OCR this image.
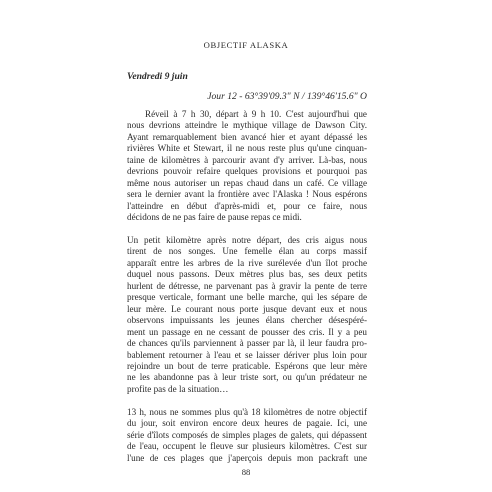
OBJECTIF ALASKA
Vendredi 9 juin
Jour 12 - 63°39'09.3" N / 139°46'15.6" O

Réveil à 7 h 30, départ à 9 h 10. C'est aujourd'hui que
nous devrions atteindre le mythique village de Dawson City.
Ayant remarquablement bien avancé hier et ayant dépassé les
rivières White et Stewart, il ne nous reste plus qu'une cinquan-
taine de kilomètres à parcourir avant d'y arriver. Là-bas, nous
devrions pouvoir refaire quelques provisions et pourquoi pas
même nous autoriser un repas chaud dans un café. Ce village
sera le dernier avant la frontière avec l'Alaska ! Nous espérons
l'atteindre en début d'après-midi et, pour ce faire, nous
décidons de ne pas faire de pause repas ce midi.

Un petit kilomètre après notre départ, des cris aigus nous
tirent de nos songes. Une femelle élan au corps massif
apparaît entre les arbres de la rive surélevée d'un îlot proche
duquel nous passons. Deux mètres plus bas, ses deux petits
hurlent de détresse, ne parvenant pas à gravir la pente de terre
presque verticale, formant une belle marche, qui les sépare de
leur mère. Le courant nous porte jusque devant eux et nous
observons impuissants les jeunes élans chercher désespéré-
ment un passage en ne cessant de pousser des cris. Il y a peu
de chances qu'ils parviennent à passer par là, il leur faudra pro-
bablement retourner à l'eau et se laisser dériver plus loin pour
rejoindre un bout de terre praticable. Espérons que leur mère
ne les abandonne pas à leur triste sort, ou qu'un prédateur ne
profite pas de la situation…

13 h, nous ne sommes plus qu'à 18 kilomètres de notre objectif
du jour, soit environ encore deux heures de pagaie. Ici, une
série d'îlots composés de simples plages de galets, qui dépassent
de l'eau, occupent le fleuve sur plusieurs kilomètres. C'est sur
l'une de ces plages que j'aperçois depuis mon packraft une

88
